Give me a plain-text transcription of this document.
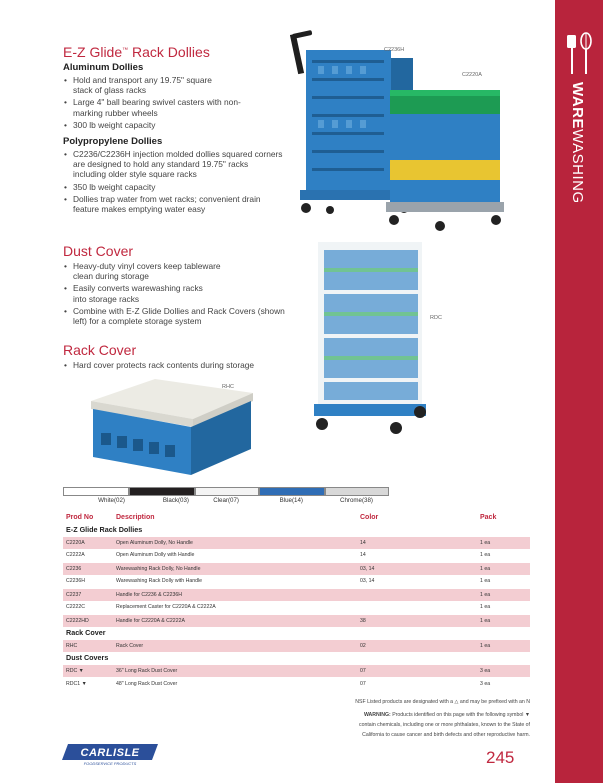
WAREWASHING
E-Z Glide™ Rack Dollies
Aluminum Dollies
• Hold and transport any 19.75" square stack of glass racks
• Large 4" ball bearing swivel casters with non-marking rubber wheels
• 300 lb weight capacity
Polypropylene Dollies
• C2236/C2236H injection molded dollies squared corners are designed to hold any standard 19.75" racks including older style square racks
• 350 lb weight capacity
• Dollies trap water from wet racks; convenient drain feature makes emptying water easy
C2236H
C2220A
Dust Cover
• Heavy-duty vinyl covers keep tableware clean during storage
• Easily converts warewashing racks into storage racks
• Combine with E-Z Glide Dollies and Rack Covers (shown left) for a complete storage system	RDC
Rack Cover
• Hard cover protects rack contents during storage
RHC
White(02)	Black(03)	Clear(07)	Blue(14)	Chrome(38)
Prod No	Description	Color	Pack
E-Z Glide Rack Dollies			
C2220A	Open Aluminum Dolly, No Handle	14	1 ea
C2222A	Open Aluminum Dolly with Handle	14	1 ea
C2236	Warewashing Rack Dolly, No Handle	03, 14	1 ea
C2236H	Warewashing Rack Dolly with Handle	03, 14	1 ea
C2237	Handle for C2236 & C2236H		1 ea
C2222C	Replacement Caster for C2220A & C2222A		1 ea
C2222HD	Handle for C2220A & C2222A	38	1 ea
Rack Cover			
RHC	Rack Cover	02	1 ea
Dust Covers			
RDC ▼	36" Long Rack Dust Cover	07	3 ea
RDC1 ▼	48" Long Rack Dust Cover	07	3 ea
NSF Listed products are designated with a △ and may be prefixed with an N
WARNING: Products identified on this page with the following symbol ▼
contain chemicals, including one or more phthalates, known to the State of
California to cause cancer and birth defects and other reproductive harm.
CARLISLE
FOODSERVICE PRODUCTS	245
